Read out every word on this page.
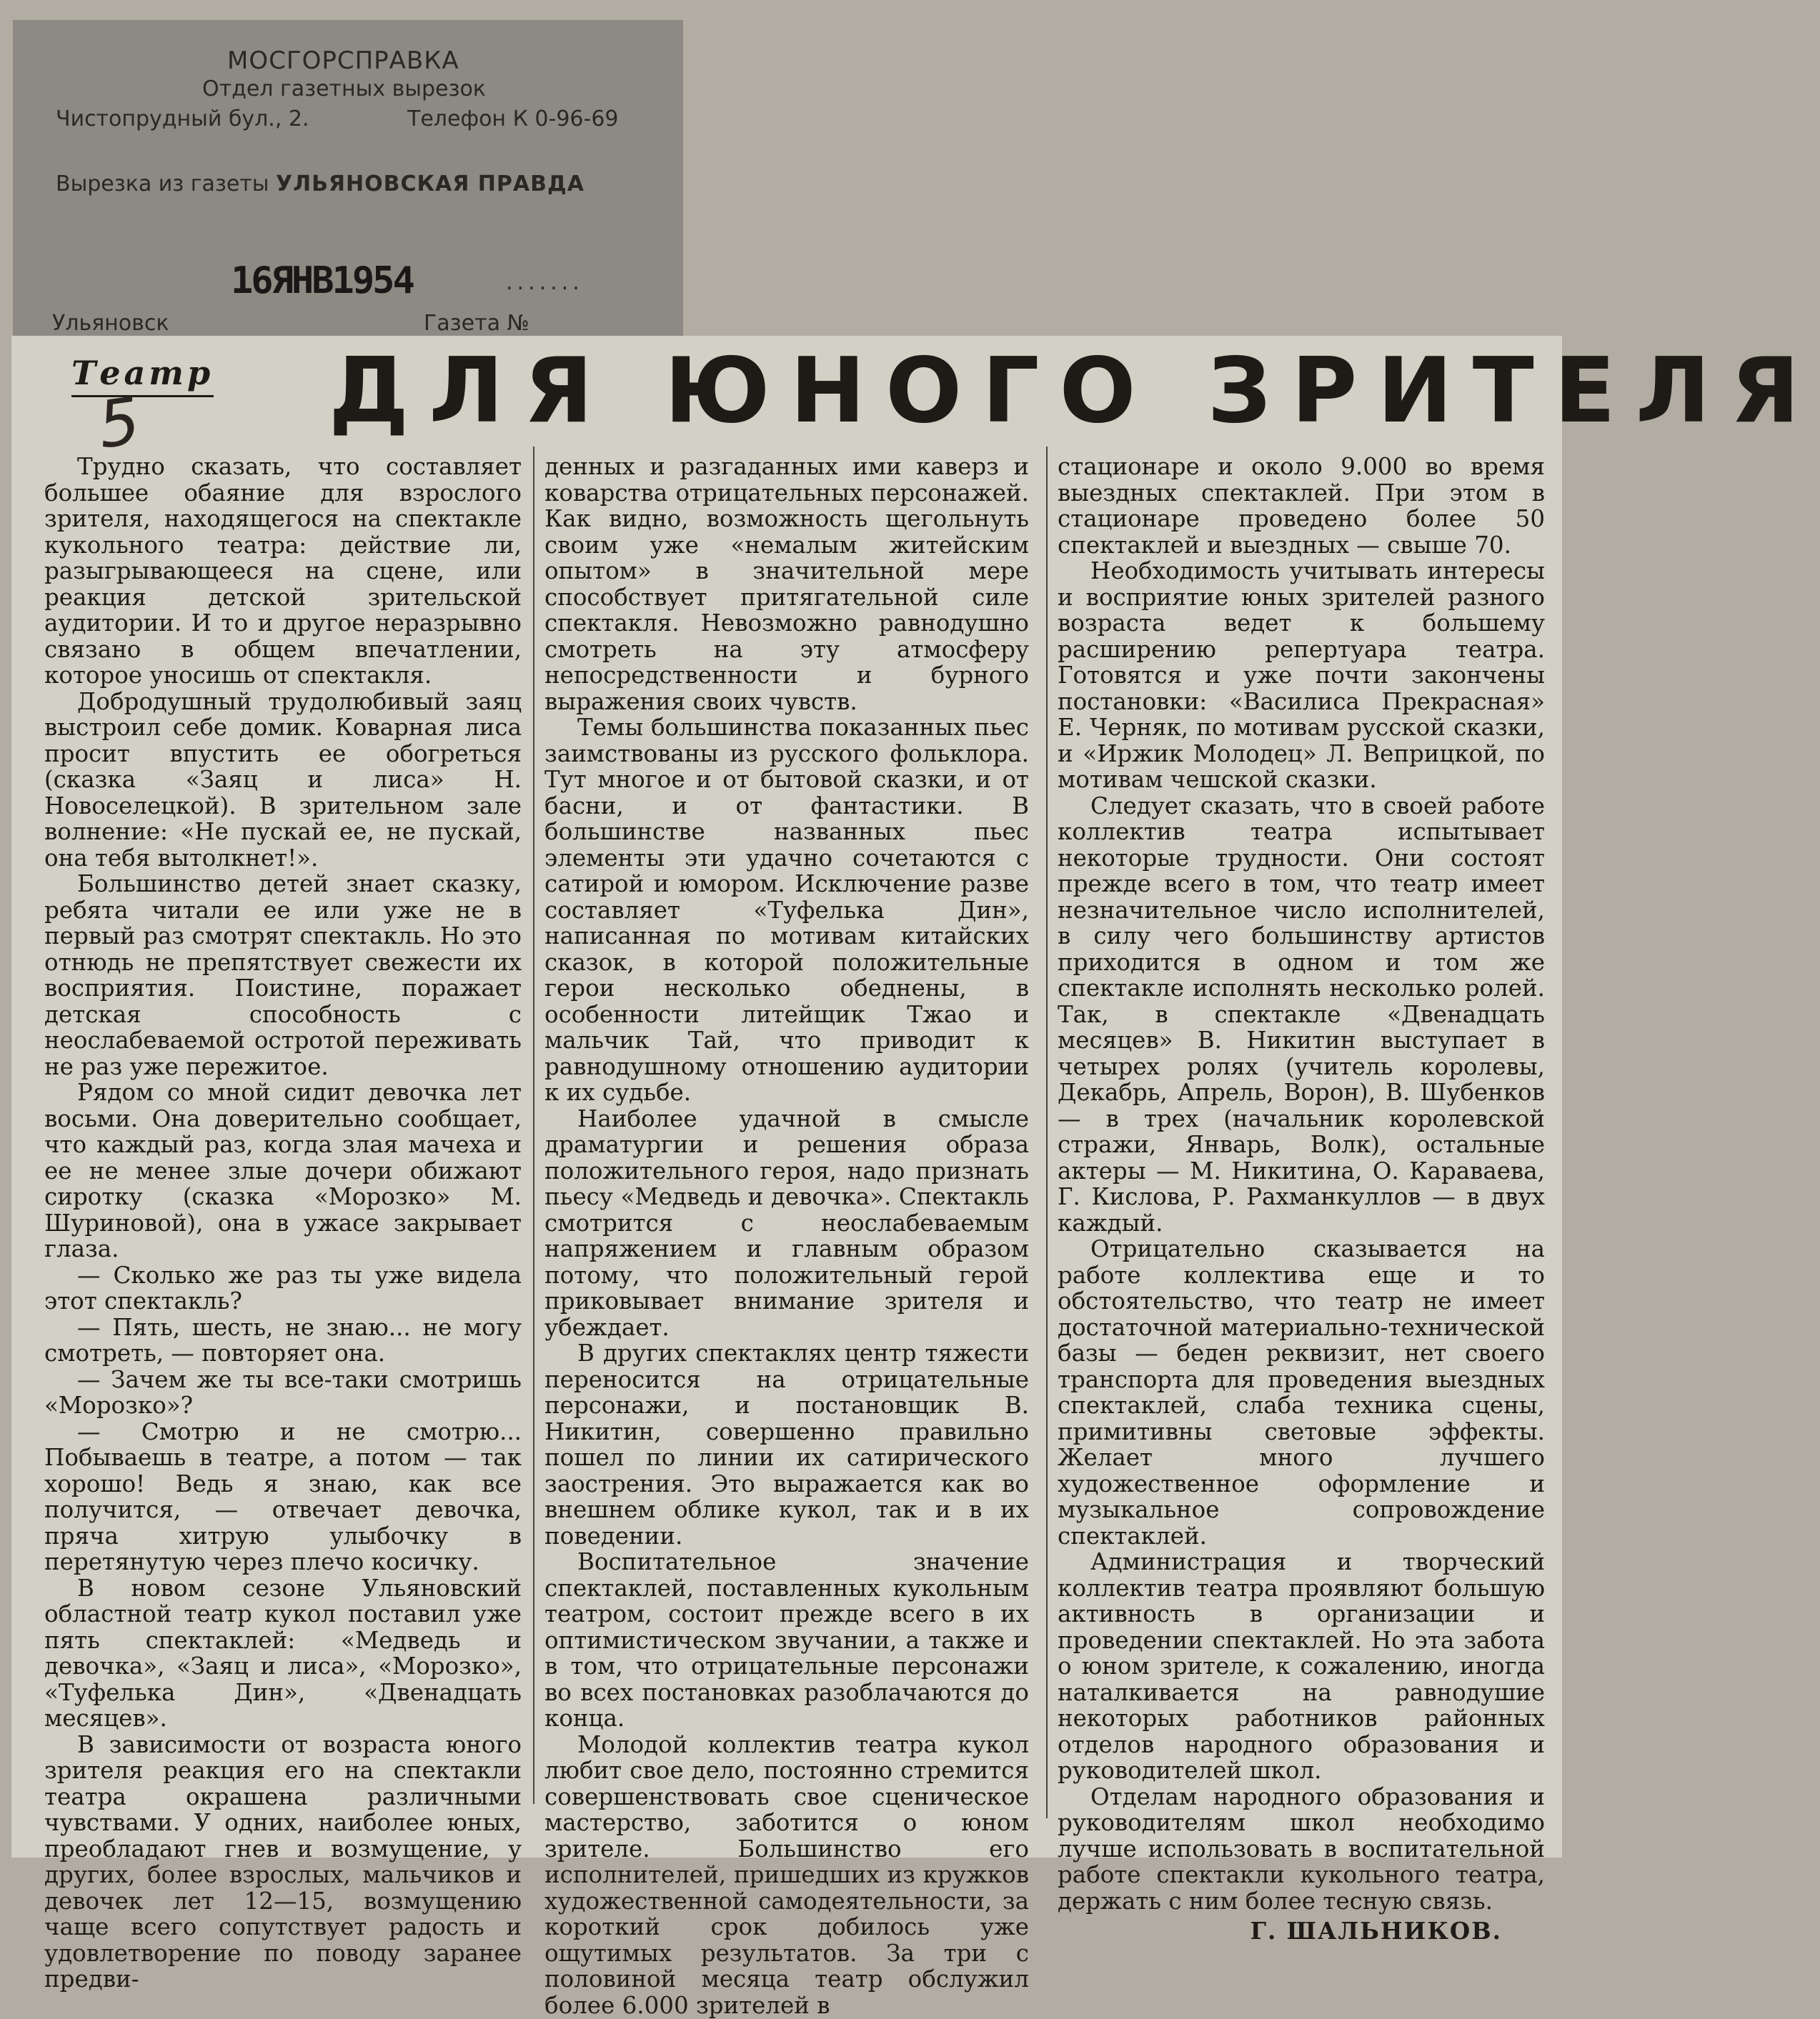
МОСГОРСПРАВКА
Отдел газетных вырезок
Чистопрудный бул., 2.	Телефон К 0-96-69
Вырезка из газеты УЛЬЯНОВСКАЯ ПРАВДА
16ЯНВ1954	.......
Ульяновск	Газета №
Театр
5 ДЛЯ ЮНОГО ЗРИТЕЛЯ

Трудно сказать, что составляет большее обаяние для взрослого зрителя, находящегося на спектакле кукольного театра: действие ли, разыгрывающееся на сцене, или реакция детской зрительской аудитории. И то и другое неразрывно связано в общем впечатлении, которое уносишь от спектакля.

Добродушный трудолюбивый заяц выстроил себе домик. Коварная лиса просит впустить ее обогреться (сказка «Заяц и лиса» Н. Новоселецкой). В зрительном зале волнение: «Не пускай ее, не пускай, она тебя вытолкнет!».

Большинство детей знает сказку, ребята читали ее или уже не в первый раз смотрят спектакль. Но это отнюдь не препятствует свежести их восприятия. Поистине, поражает детская способность с неослабеваемой остротой переживать не раз уже пережитое.

Рядом со мной сидит девочка лет восьми. Она доверительно сообщает, что каждый раз, когда злая мачеха и ее не менее злые дочери обижают сиротку (сказка «Морозко» М. Шуриновой), она в ужасе закрывает глаза.

— Сколько же раз ты уже видела этот спектакль?

— Пять, шесть, не знаю... не могу смотреть, — повторяет она.

— Зачем же ты все-таки смотришь «Морозко»?

— Смотрю и не смотрю... Побываешь в театре, а потом — так хорошо! Ведь я знаю, как все получится, — отвечает девочка, пряча хитрую улыбочку в перетянутую через плечо косичку.

В новом сезоне Ульяновский областной театр кукол поставил уже пять спектаклей: «Медведь и девочка», «Заяц и лиса», «Морозко», «Туфелька Дин», «Двенадцать месяцев».

В зависимости от возраста юного зрителя реакция его на спектакли театра окрашена различными чувствами. У одних, наиболее юных, преобладают гнев и возмущение, у других, более взрослых, мальчиков и девочек лет 12—15, возмущению чаще всего сопутствует радость и удовлетворение по поводу заранее предви-

денных и разгаданных ими каверз и коварства отрицательных персонажей. Как видно, возможность щегольнуть своим уже «немалым житейским опытом» в значительной мере способствует притягательной силе спектакля. Невозможно равнодушно смотреть на эту атмосферу непосредственности и бурного выражения своих чувств.

Темы большинства показанных пьес заимствованы из русского фольклора. Тут многое и от бытовой сказки, и от басни, и от фантастики. В большинстве названных пьес элементы эти удачно сочетаются с сатирой и юмором. Исключение разве составляет «Туфелька Дин», написанная по мотивам китайских сказок, в которой положительные герои несколько обеднены, в особенности литейщик Тжао и мальчик Тай, что приводит к равнодушному отношению аудитории к их судьбе.

Наиболее удачной в смысле драматургии и решения образа положительного героя, надо признать пьесу «Медведь и девочка». Спектакль смотрится с неослабеваемым напряжением и главным образом потому, что положительный герой приковывает внимание зрителя и убеждает.

В других спектаклях центр тяжести переносится на отрицательные персонажи, и постановщик В. Никитин, совершенно правильно пошел по линии их сатирического заострения. Это выражается как во внешнем облике кукол, так и в их поведении.

Воспитательное значение спектаклей, поставленных кукольным театром, состоит прежде всего в их оптимистическом звучании, а также и в том, что отрицательные персонажи во всех постановках разоблачаются до конца.

Молодой коллектив театра кукол любит свое дело, постоянно стремится совершенствовать свое сценическое мастерство, заботится о юном зрителе. Большинство его исполнителей, пришедших из кружков художественной самодеятельности, за короткий срок добилось уже ощутимых результатов. За три с половиной месяца театр обслужил более 6.000 зрителей в

стационаре и около 9.000 во время выездных спектаклей. При этом в стационаре проведено более 50 спектаклей и выездных — свыше 70.

Необходимость учитывать интересы и восприятие юных зрителей разного возраста ведет к большему расширению репертуара театра. Готовятся и уже почти закончены постановки: «Василиса Прекрасная» Е. Черняк, по мотивам русской сказки, и «Иржик Молодец» Л. Веприцкой, по мотивам чешской сказки.

Следует сказать, что в своей работе коллектив театра испытывает некоторые трудности. Они состоят прежде всего в том, что театр имеет незначительное число исполнителей, в силу чего большинству артистов приходится в одном и том же спектакле исполнять несколько ролей. Так, в спектакле «Двенадцать месяцев» В. Никитин выступает в четырех ролях (учитель королевы, Декабрь, Апрель, Ворон), В. Шубенков — в трех (начальник королевской стражи, Январь, Волк), остальные актеры — М. Никитина, О. Караваева, Г. Кислова, Р. Рахманкуллов — в двух каждый.

Отрицательно сказывается на работе коллектива еще и то обстоятельство, что театр не имеет достаточной материально-технической базы — беден реквизит, нет своего транспорта для проведения выездных спектаклей, слаба техника сцены, примитивны световые эффекты. Желает много лучшего художественное оформление и музыкальное сопровождение спектаклей.

Администрация и творческий коллектив театра проявляют большую активность в организации и проведении спектаклей. Но эта забота о юном зрителе, к сожалению, иногда наталкивается на равнодушие некоторых работников районных отделов народного образования и руководителей школ.

Отделам народного образования и руководителям школ необходимо лучше использовать в воспитательной работе спектакли кукольного театра, держать с ним более тесную связь.

Г. ШАЛЬНИКОВ.
